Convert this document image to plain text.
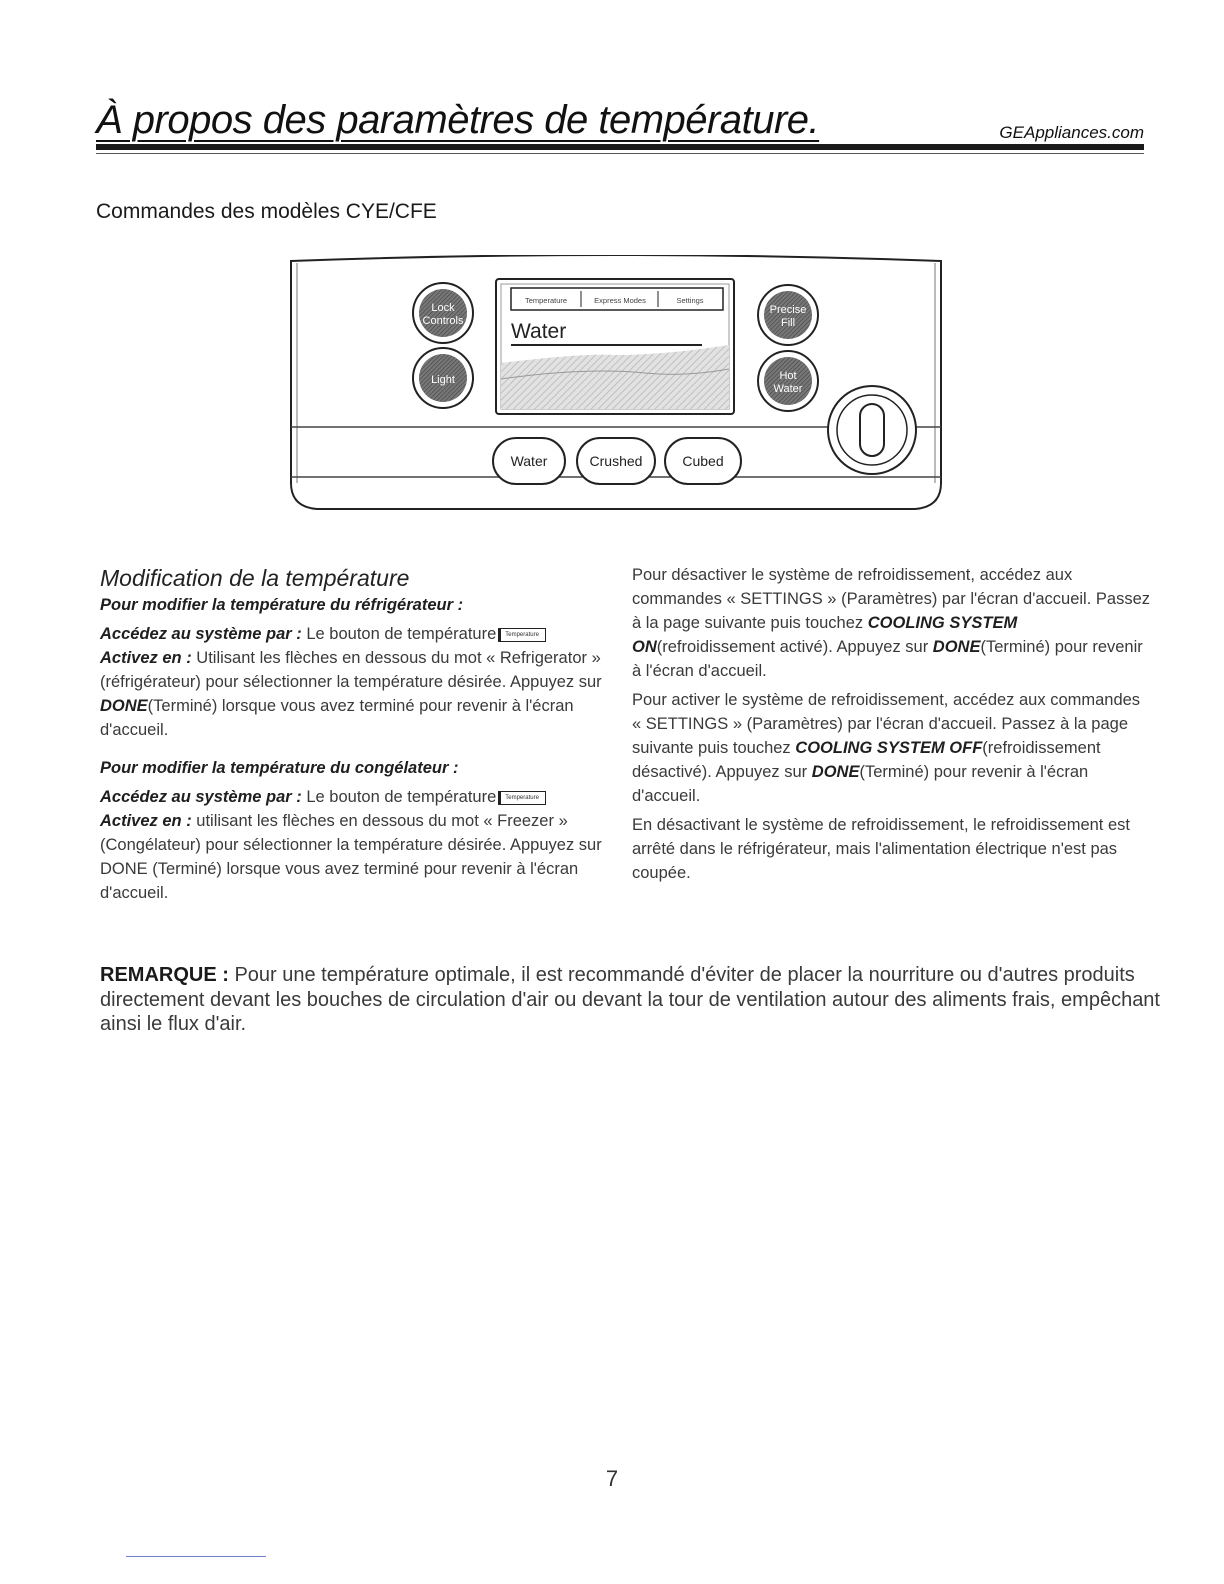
À propos des paramètres de température.	GEAppliances.com
Commandes des modèles CYE/CFE
Temperature	Express Modes	Settings
Water
Lock
Controls
Light
Precise
Fill
Hot
Water
Water	Crushed	Cubed
Modification de la température
Pour modifier la température du réfrigérateur :

Accédez au système par : Le bouton de température Temperature

Activez en : Utilisant les flèches en dessous du mot « Refrigerator » (réfrigérateur) pour sélectionner la température désirée. Appuyez sur DONE(Terminé) lorsque vous avez terminé pour revenir à l'écran d'accueil.

Pour modifier la température du congélateur :

Accédez au système par : Le bouton de température Temperature

Activez en : utilisant les flèches en dessous du mot « Freezer » (Congélateur) pour sélectionner la température désirée. Appuyez sur DONE (Terminé) lorsque vous avez terminé pour revenir à l'écran d'accueil.

Pour désactiver le système de refroidissement, accédez aux commandes « SETTINGS » (Paramètres) par l'écran d'accueil. Passez à la page suivante puis touchez COOLING SYSTEM ON(refroidissement activé). Appuyez sur DONE(Terminé) pour revenir à l'écran d'accueil.

Pour activer le système de refroidissement, accédez aux commandes « SETTINGS » (Paramètres) par l'écran d'accueil. Passez à la page suivante puis touchez COOLING SYSTEM OFF(refroidissement désactivé). Appuyez sur DONE(Terminé) pour revenir à l'écran d'accueil.

En désactivant le système de refroidissement, le refroidissement est arrêté dans le réfrigérateur, mais l'alimentation électrique n'est pas coupée.

REMARQUE : Pour une température optimale, il est recommandé d'éviter de placer la nourriture ou d'autres produits directement devant les bouches de circulation d'air ou devant la tour de ventilation autour des aliments frais, empêchant ainsi le flux d'air.
7
